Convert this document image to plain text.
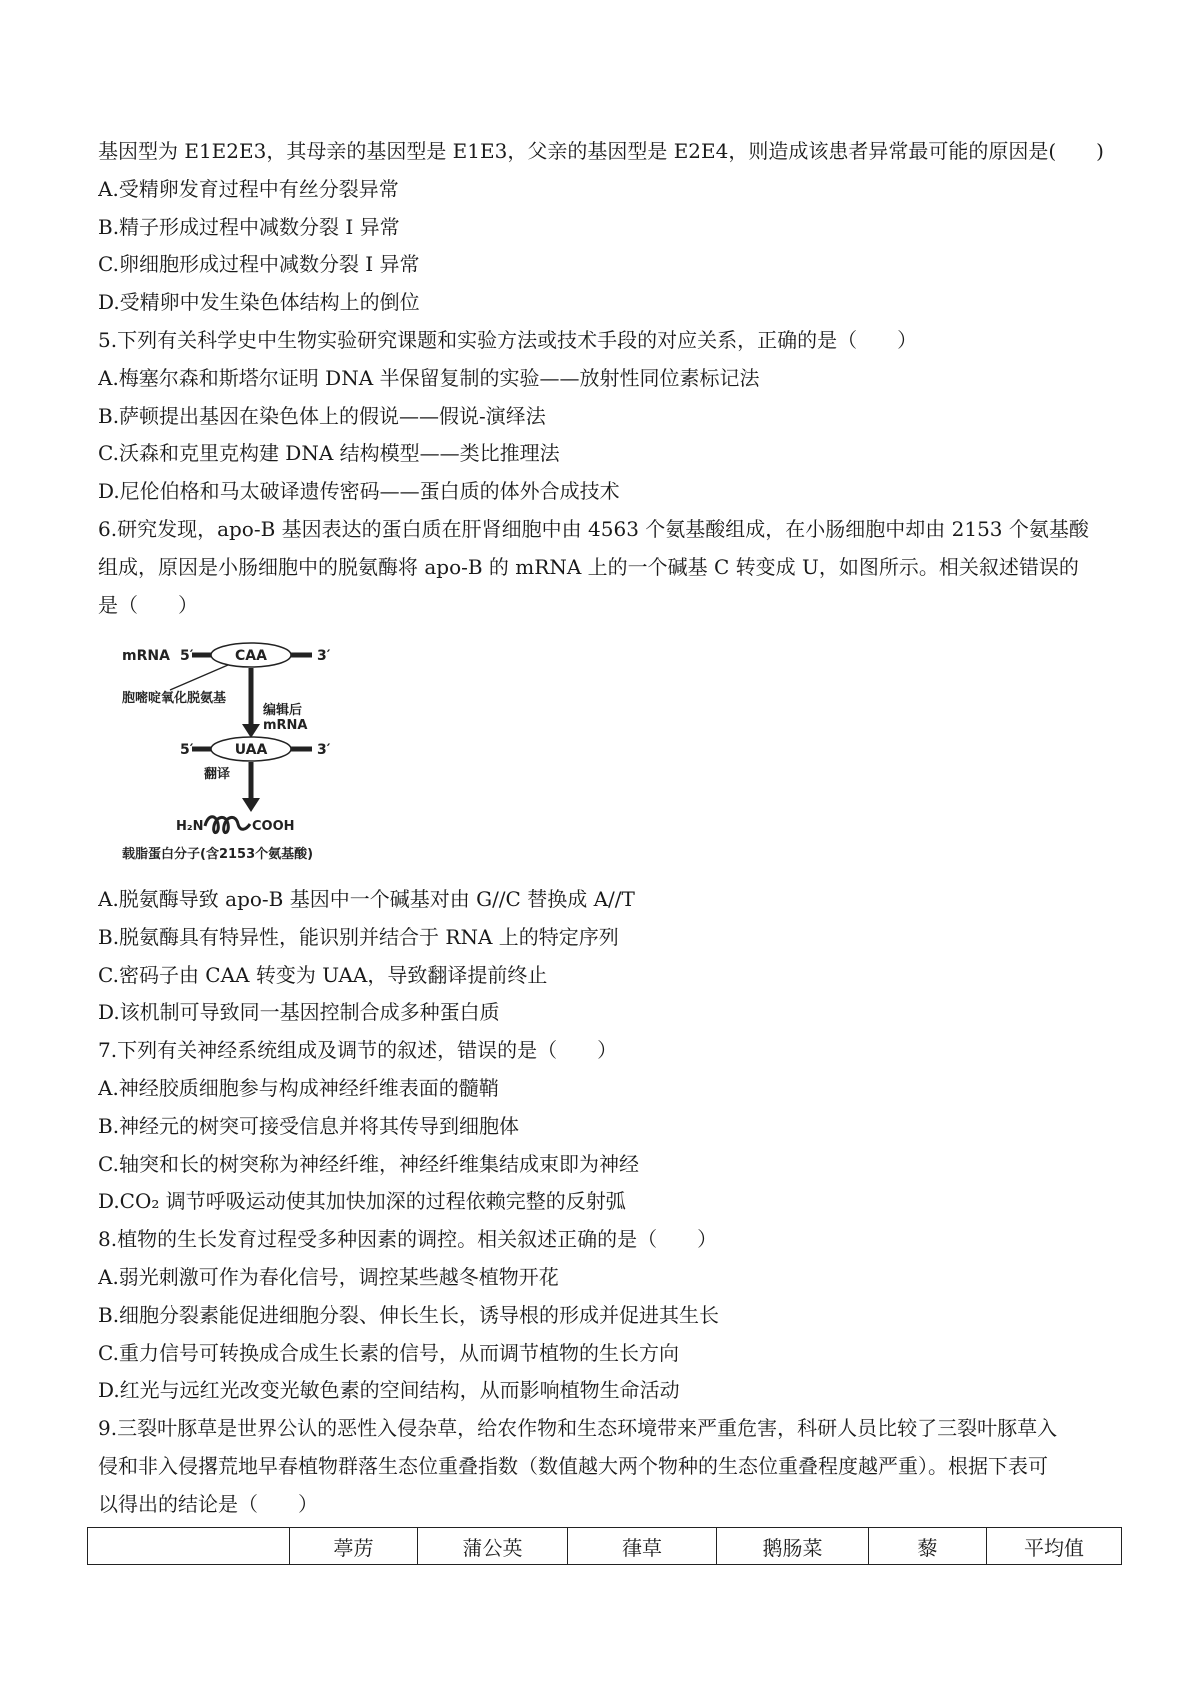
基因型为 E1E2E3，其母亲的基因型是 E1E3，父亲的基因型是 E2E4，则造成该患者异常最可能的原因是(　　)
A.受精卵发育过程中有丝分裂异常
B.精子形成过程中减数分裂 I 异常
C.卵细胞形成过程中减数分裂 I 异常
D.受精卵中发生染色体结构上的倒位
5.下列有关科学史中生物实验研究课题和实验方法或技术手段的对应关系，正确的是（　　）
A.梅塞尔森和斯塔尔证明 DNA 半保留复制的实验——放射性同位素标记法
B.萨顿提出基因在染色体上的假说——假说-演绎法
C.沃森和克里克构建 DNA 结构模型——类比推理法
D.尼伦伯格和马太破译遗传密码——蛋白质的体外合成技术
6.研究发现，apo-B 基因表达的蛋白质在肝肾细胞中由 4563 个氨基酸组成，在小肠细胞中却由 2153 个氨基酸
组成，原因是小肠细胞中的脱氨酶将 apo-B 的 mRNA 上的一个碱基 C 转变成 U，如图所示。相关叙述错误的
是（　　）
mRNA 5′	CAA	3′
胞嘧啶氧化脱氨基
编辑后
mRNA
5′	UAA	3′
翻译
H₂N	COOH
载脂蛋白分子(含2153个氨基酸)
A.脱氨酶导致 apo-B 基因中一个碱基对由 G//C 替换成 A//T
B.脱氨酶具有特异性，能识别并结合于 RNA 上的特定序列
C.密码子由 CAA 转变为 UAA，导致翻译提前终止
D.该机制可导致同一基因控制合成多种蛋白质
7.下列有关神经系统组成及调节的叙述，错误的是（　　）
A.神经胶质细胞参与构成神经纤维表面的髓鞘
B.神经元的树突可接受信息并将其传导到细胞体
C.轴突和长的树突称为神经纤维，神经纤维集结成束即为神经
D.CO₂ 调节呼吸运动使其加快加深的过程依赖完整的反射弧
8.植物的生长发育过程受多种因素的调控。相关叙述正确的是（　　）
A.弱光刺激可作为春化信号，调控某些越冬植物开花
B.细胞分裂素能促进细胞分裂、伸长生长，诱导根的形成并促进其生长
C.重力信号可转换成合成生长素的信号，从而调节植物的生长方向
D.红光与远红光改变光敏色素的空间结构，从而影响植物生命活动
9.三裂叶豚草是世界公认的恶性入侵杂草，给农作物和生态环境带来严重危害，科研人员比较了三裂叶豚草入
侵和非入侵撂荒地早春植物群落生态位重叠指数（数值越大两个物种的生态位重叠程度越严重）。根据下表可
以得出的结论是（　　）
	葶苈	蒲公英	葎草	鹅肠菜	藜	平均值
